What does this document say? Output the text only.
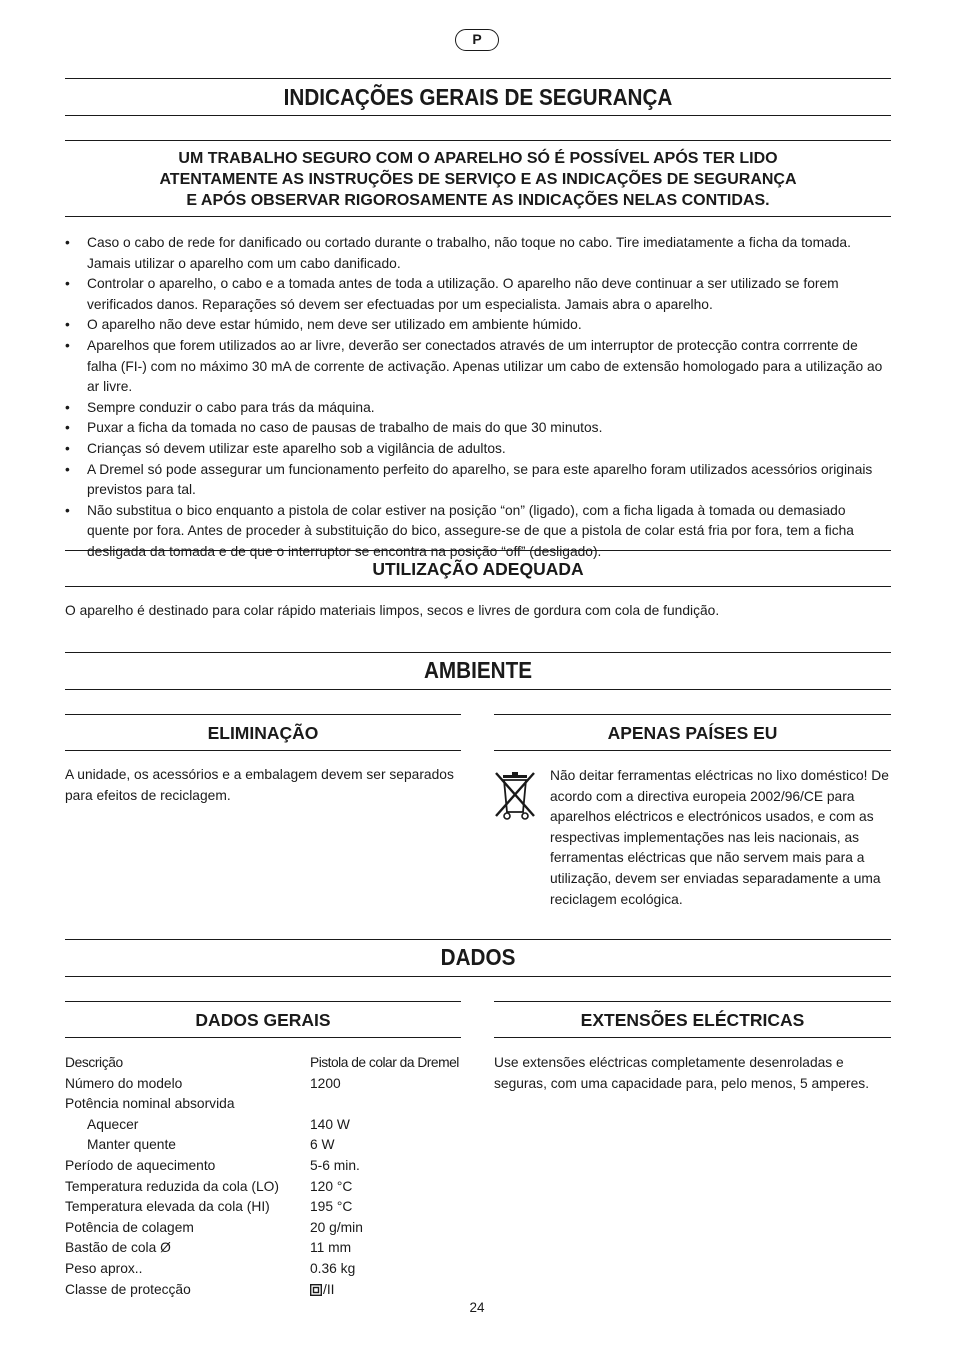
P
INDICAÇÕES GERAIS DE SEGURANÇA
UM TRABALHO SEGURO COM O APARELHO SÓ É POSSÍVEL APÓS TER LIDO
ATENTAMENTE AS INSTRUÇÕES DE SERVIÇO E AS INDICAÇÕES DE SEGURANÇA
E APÓS OBSERVAR RIGOROSAMENTE AS INDICAÇÕES NELAS CONTIDAS.
• Caso o cabo de rede for danificado ou cortado durante o trabalho, não toque no cabo. Tire imediatamente a ficha da tomada. Jamais utilizar o aparelho com um cabo danificado.
• Controlar o aparelho, o cabo e a tomada antes de toda a utilização. O aparelho não deve continuar a ser utilizado se forem verificados danos. Reparações só devem ser efectuadas por um especialista. Jamais abra o aparelho.
• O aparelho não deve estar húmido, nem deve ser utilizado em ambiente húmido.
• Aparelhos que forem utilizados ao ar livre, deverão ser conectados através de um interruptor de protecção contra corrrente de falha (FI-) com no máximo 30 mA de corrente de activação. Apenas utilizar um cabo de extensão homologado para a utilização ao ar livre.
• Sempre conduzir o cabo para trás da máquina.
• Puxar a ficha da tomada no caso de pausas de trabalho de mais do que 30 minutos.
• Crianças só devem utilizar este aparelho sob a vigilância de adultos.
• A Dremel só pode assegurar um funcionamento perfeito do aparelho, se para este aparelho foram utilizados acessórios originais previstos para tal.
• Não substitua o bico enquanto a pistola de colar estiver na posição “on” (ligado), com a ficha ligada à tomada ou demasiado quente por fora. Antes de proceder à substituição do bico, assegure-se de que a pistola de colar está fria por fora, tem a ficha desligada da tomada e de que o interruptor se encontra na posição “off” (desligado).
UTILIZAÇÃO ADEQUADA
O aparelho é destinado para colar rápido materiais limpos, secos e livres de gordura com cola de fundição.
AMBIENTE
ELIMINAÇÃO
A unidade, os acessórios e a embalagem devem ser separados para efeitos de reciclagem.
APENAS PAÍSES EU
Não deitar ferramentas eléctricas no lixo doméstico! De acordo com a directiva europeia 2002/96/CE para aparelhos eléctricos e electrónicos usados, e com as respectivas implementações nas leis nacionais, as ferramentas eléctricas que não servem mais para a utilização, devem ser enviadas separadamente a uma reciclagem ecológica.
DADOS
DADOS GERAIS
Descrição	Pistola de colar da Dremel
Número do modelo	1200
Potência nominal absorvida
Aquecer	140 W
Manter quente	6 W
Período de aquecimento	5-6 min.
Temperatura reduzida da cola (LO)	120 °C
Temperatura elevada da cola (HI)	195 °C
Potência de colagem	20 g/min
Bastão de cola Ø	11 mm
Peso aprox..	0.36 kg
Classe de protecção	/II
EXTENSÕES ELÉCTRICAS
Use extensões eléctricas completamente desenroladas e seguras, com uma capacidade para, pelo menos, 5 amperes.
24
